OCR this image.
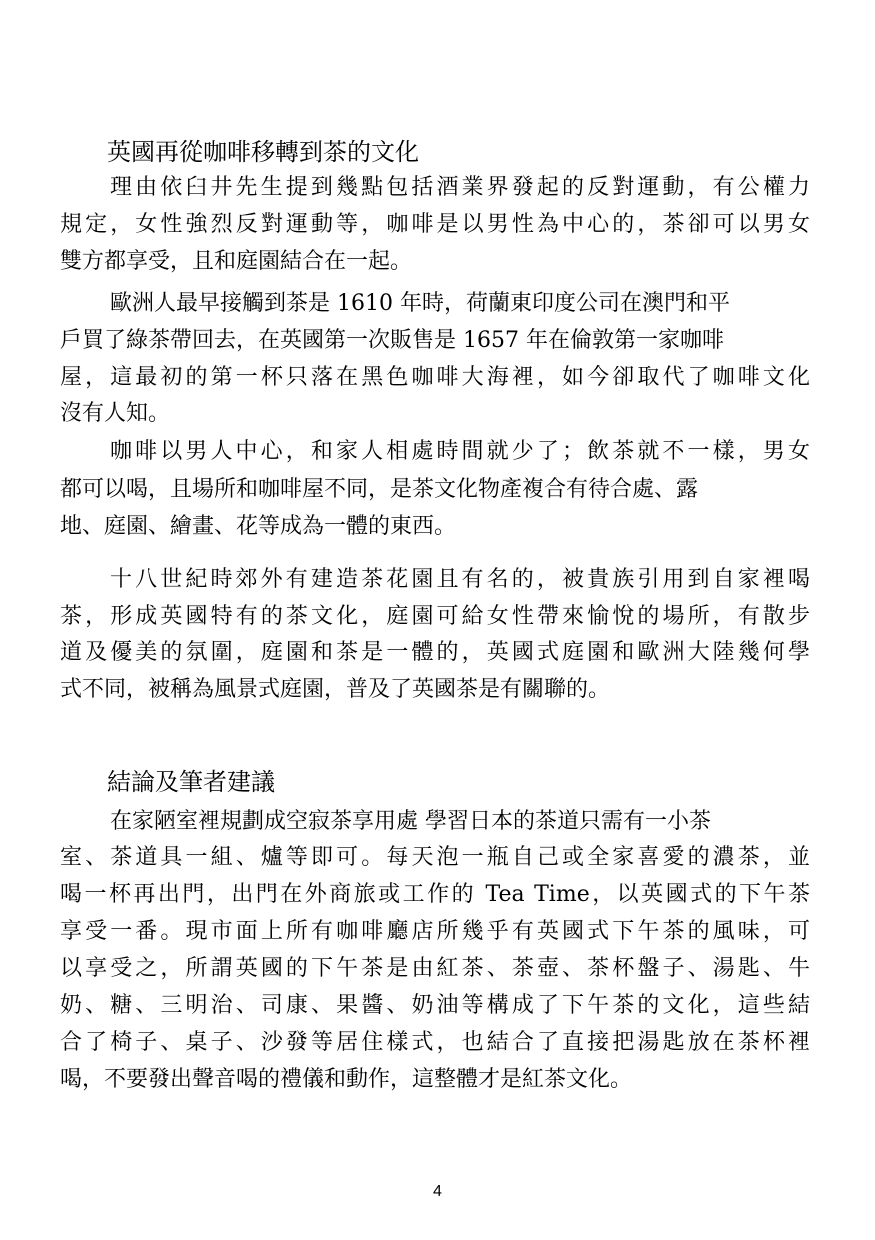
英國再從咖啡移轉到茶的文化
理由依臼井先生提到幾點包括酒業界發起的反對運動，有公權力
規定，女性強烈反對運動等，咖啡是以男性為中心的，茶卻可以男女
雙方都享受，且和庭園結合在一起。
歐洲人最早接觸到茶是 1610 年時，荷蘭東印度公司在澳門和平
戶買了綠茶帶回去，在英國第一次販售是 1657 年在倫敦第一家咖啡
屋，這最初的第一杯只落在黑色咖啡大海裡，如今卻取代了咖啡文化
沒有人知。
咖啡以男人中心，和家人相處時間就少了；飲茶就不一樣，男女
都可以喝，且場所和咖啡屋不同，是茶文化物產複合有待合處、露
地、庭園、繪畫、花等成為一體的東西。
十八世紀時郊外有建造茶花園且有名的，被貴族引用到自家裡喝
茶，形成英國特有的茶文化，庭園可給女性帶來愉悅的場所，有散步
道及優美的氛圍，庭園和茶是一體的，英國式庭園和歐洲大陸幾何學
式不同，被稱為風景式庭園，普及了英國茶是有關聯的。
結論及筆者建議
在家陋室裡規劃成空寂茶享用處 學習日本的茶道只需有一小茶
室、茶道具一組、爐等即可。每天泡一瓶自己或全家喜愛的濃茶，並
喝一杯再出門，出門在外商旅或工作的 Tea Time，以英國式的下午茶
享受一番。現市面上所有咖啡廳店所幾乎有英國式下午茶的風味，可
以享受之，所謂英國的下午茶是由紅茶、茶壺、茶杯盤子、湯匙、牛
奶、糖、三明治、司康、果醬、奶油等構成了下午茶的文化，這些結
合了椅子、桌子、沙發等居住樣式，也結合了直接把湯匙放在茶杯裡
喝，不要發出聲音喝的禮儀和動作，這整體才是紅茶文化。
4
